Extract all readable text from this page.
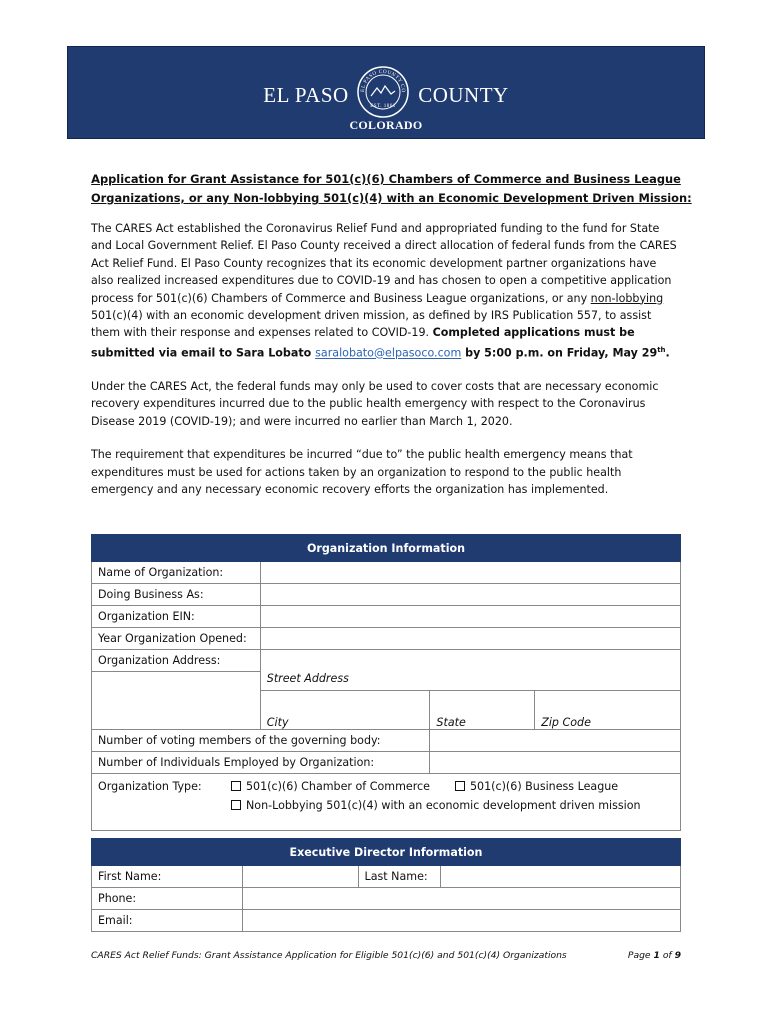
EL PASO	EL PASO COUNTY CO
EST. 1861 COUNTY
COLORADO
Application for Grant Assistance for 501(c)(6) Chambers of Commerce and Business League
Organizations, or any Non-lobbying 501(c)(4) with an Economic Development Driven Mission:

The CARES Act established the Coronavirus Relief Fund and appropriated funding to the fund for State and Local Government Relief. El Paso County received a direct allocation of federal funds from the CARES Act Relief Fund. El Paso County recognizes that its economic development partner organizations have also realized increased expenditures due to COVID-19 and has chosen to open a competitive application process for 501(c)(6) Chambers of Commerce and Business League organizations, or any non-lobbying 501(c)(4) with an economic development driven mission, as defined by IRS Publication 557, to assist them with their response and expenses related to COVID-19. Completed applications must be submitted via email to Sara Lobato saralobato@elpasoco.com by 5:00 p.m. on Friday, May 29th.

Under the CARES Act, the federal funds may only be used to cover costs that are necessary economic recovery expenditures incurred due to the public health emergency with respect to the Coronavirus Disease 2019 (COVID-19); and were incurred no earlier than March 1, 2020.

The requirement that expenditures be incurred “due to” the public health emergency means that expenditures must be used for actions taken by an organization to respond to the public health emergency and any necessary economic recovery efforts the organization has implemented.

Organization Information			
Name of Organization:			
Doing Business As:			
Organization EIN:			
Year Organization Opened:			
Organization Address:			
	Street Address		
	City	State	Zip Code
Number of voting members of the governing body:			
Number of Individuals Employed by Organization:			

Organization Type: 501(c)(6) Chamber of Commerce 501(c)(6) Business League
Non-Lobbying 501(c)(4) with an economic development driven mission			
Executive Director Information			
First Name:		Last Name:	
Phone:			
Email:			
CARES Act Relief Funds: Grant Assistance Application for Eligible 501(c)(6) and 501(c)(4) Organizations	Page 1 of 9
